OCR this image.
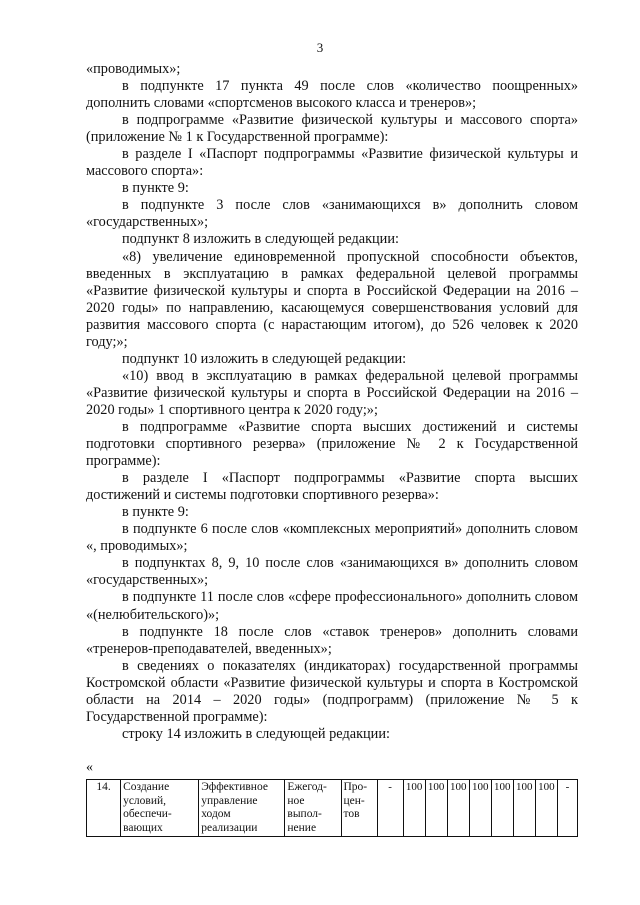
3

«проводимых»;

в подпункте 17 пункта 49 после слов «количество поощренных» дополнить словами «спортсменов высокого класса и тренеров»;

в подпрограмме «Развитие физической культуры и массового спорта» (приложение № 1 к Государственной программе):

в разделе I «Паспорт подпрограммы «Развитие физической культуры и массового спорта»:

в пункте 9:

в подпункте 3 после слов «занимающихся в» дополнить словом «государственных»;

подпункт 8 изложить в следующей редакции:

«8) увеличение единовременной пропускной способности объектов, введенных в эксплуатацию в рамках федеральной целевой программы «Развитие физической культуры и спорта в Российской Федерации на 2016 – 2020 годы» по направлению, касающемуся совершенствования условий для развития массового спорта (с нарастающим итогом), до 526 человек к 2020 году;»;

подпункт 10 изложить в следующей редакции:

«10) ввод в эксплуатацию в рамках федеральной целевой программы «Развитие физической культуры и спорта в Российской Федерации на 2016 – 2020 годы» 1 спортивного центра к 2020 году;»;

в подпрограмме «Развитие спорта высших достижений и системы подготовки спортивного резерва» (приложение № 2 к Государственной программе):

в разделе I «Паспорт подпрограммы «Развитие спорта высших достижений и системы подготовки спортивного резерва»:

в пункте 9:

в подпункте 6 после слов «комплексных мероприятий» дополнить словом «, проводимых»;

в подпунктах 8, 9, 10 после слов «занимающихся в» дополнить словом «государственных»;

в подпункте 11 после слов «сфере профессионального» дополнить словом «(нелюбительского)»;

в подпункте 18 после слов «ставок тренеров» дополнить словами «тренеров-преподавателей, введенных»;

в сведениях о показателях (индикаторах) государственной программы Костромской области «Развитие физической культуры и спорта в Костромской области на 2014 – 2020 годы» (подпрограмм) (приложение № 5 к Государственной программе):

строку 14 изложить в следующей редакции:

«
14.	Создание
условий,
обеспечи-
вающих	Эффективное
управление
ходом
реализации	Ежегод-
ное
выпол-
нение	Про-
цен-
тов	-	100	100	100	100	100	100	100	-
